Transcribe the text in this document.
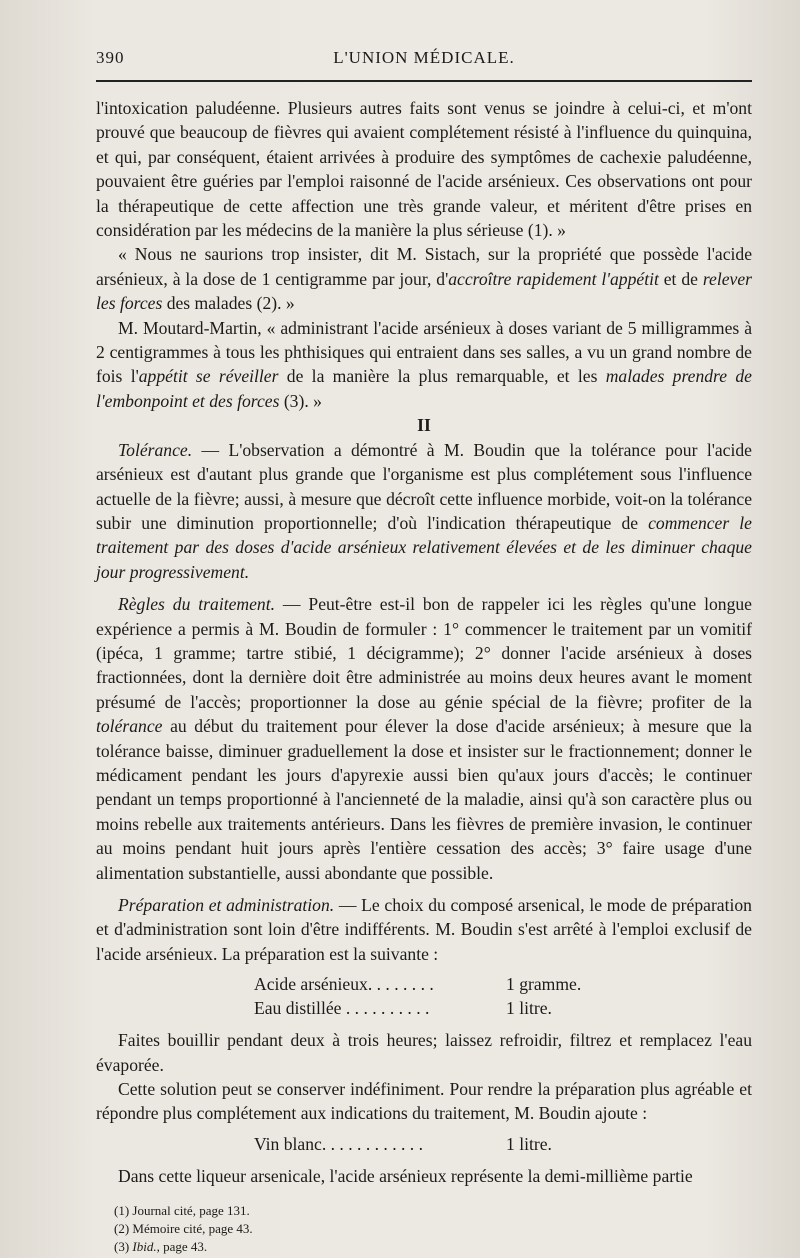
390	L'UNION MÉDICALE.

l'intoxication paludéenne. Plusieurs autres faits sont venus se joindre à celui-ci, et m'ont prouvé que beaucoup de fièvres qui avaient complétement résisté à l'influence du quinquina, et qui, par conséquent, étaient arrivées à produire des symptômes de cachexie paludéenne, pouvaient être guéries par l'emploi raisonné de l'acide arsénieux. Ces observations ont pour la thérapeutique de cette affection une très grande valeur, et méritent d'être prises en considération par les médecins de la manière la plus sérieuse (1). »

« Nous ne saurions trop insister, dit M. Sistach, sur la propriété que possède l'acide arsénieux, à la dose de 1 centigramme par jour, d'accroître rapidement l'appétit et de relever les forces des malades (2). »

M. Moutard-Martin, « administrant l'acide arsénieux à doses variant de 5 milligrammes à 2 centigrammes à tous les phthisiques qui entraient dans ses salles, a vu un grand nombre de fois l'appétit se réveiller de la manière la plus remarquable, et les malades prendre de l'embonpoint et des forces (3). »

II

Tolérance. — L'observation a démontré à M. Boudin que la tolérance pour l'acide arsénieux est d'autant plus grande que l'organisme est plus complétement sous l'influence actuelle de la fièvre; aussi, à mesure que décroît cette influence morbide, voit-on la tolérance subir une diminution proportionnelle; d'où l'indication thérapeutique de commencer le traitement par des doses d'acide arsénieux relativement élevées et de les diminuer chaque jour progressivement.

Règles du traitement. — Peut-être est-il bon de rappeler ici les règles qu'une longue expérience a permis à M. Boudin de formuler : 1° commencer le traitement par un vomitif (ipéca, 1 gramme; tartre stibié, 1 décigramme); 2° donner l'acide arsénieux à doses fractionnées, dont la dernière doit être administrée au moins deux heures avant le moment présumé de l'accès; proportionner la dose au génie spécial de la fièvre; profiter de la tolérance au début du traitement pour élever la dose d'acide arsénieux; à mesure que la tolérance baisse, diminuer graduellement la dose et insister sur le fractionnement; donner le médicament pendant les jours d'apyrexie aussi bien qu'aux jours d'accès; le continuer pendant un temps proportionné à l'ancienneté de la maladie, ainsi qu'à son caractère plus ou moins rebelle aux traitements antérieurs. Dans les fièvres de première invasion, le continuer au moins pendant huit jours après l'entière cessation des accès; 3° faire usage d'une alimentation substantielle, aussi abondante que possible.

Préparation et administration. — Le choix du composé arsenical, le mode de préparation et d'administration sont loin d'être indifférents. M. Boudin s'est arrêté à l'emploi exclusif de l'acide arsénieux. La préparation est la suivante :

Acide arsénieux. . . . . . . .	1 gramme.
Eau distillée . . . . . . . . . .	1 litre.

Faites bouillir pendant deux à trois heures; laissez refroidir, filtrez et remplacez l'eau évaporée.

Cette solution peut se conserver indéfiniment. Pour rendre la préparation plus agréable et répondre plus complétement aux indications du traitement, M. Boudin ajoute :

Vin blanc. . . . . . . . . . . .	1 litre.

Dans cette liqueur arsenicale, l'acide arsénieux représente la demi-millième partie

(1) Journal cité, page 131.
(2) Mémoire cité, page 43.
(3) Ibid., page 43.
